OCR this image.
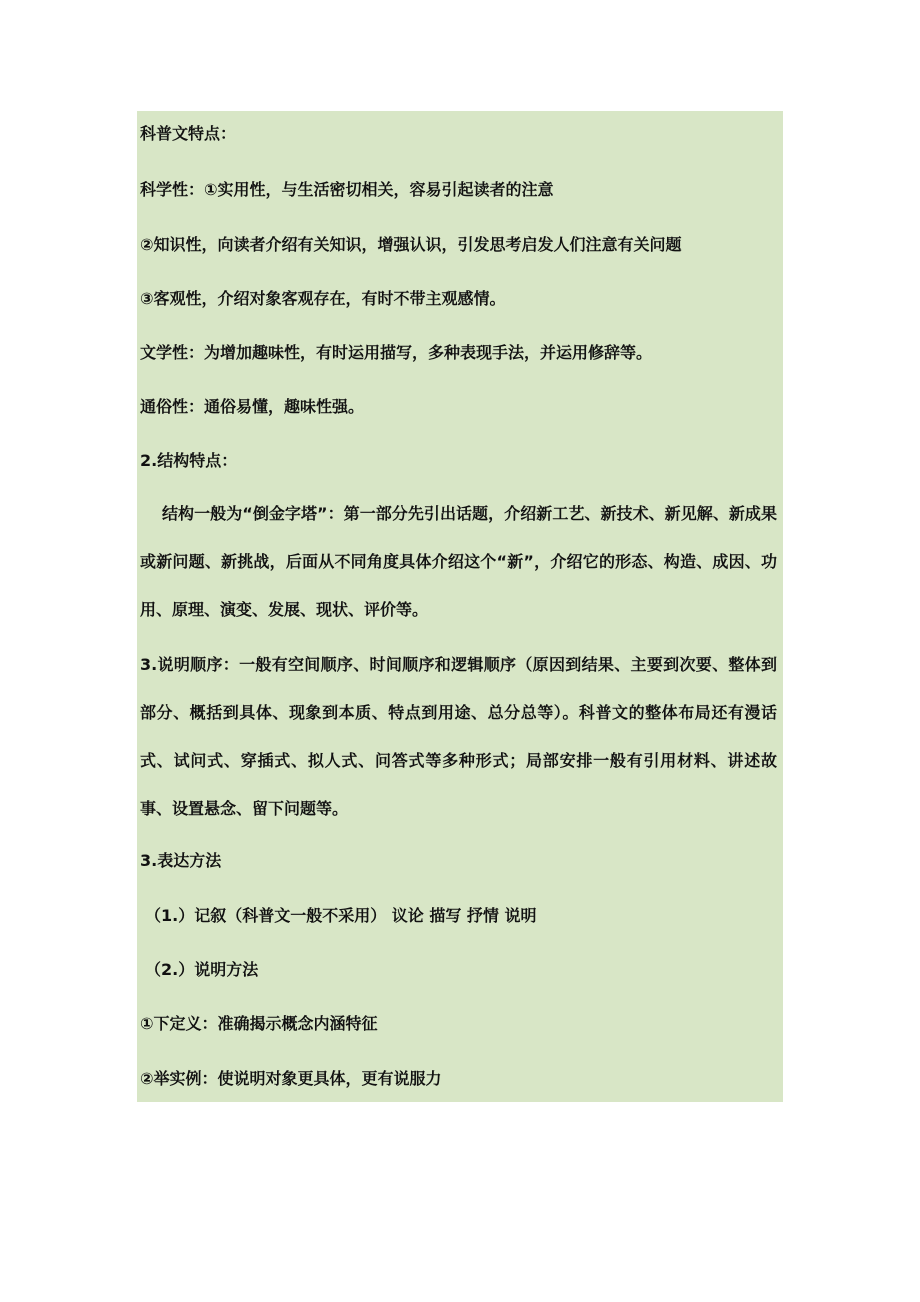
科普文特点：
科学性：①实用性，与生活密切相关，容易引起读者的注意
②知识性，向读者介绍有关知识，增强认识，引发思考启发人们注意有关问题
③客观性，介绍对象客观存在，有时不带主观感情。
文学性：为增加趣味性，有时运用描写，多种表现手法，并运用修辞等。
通俗性：通俗易懂，趣味性强。
2.结构特点：
结构一般为“倒金字塔”：第一部分先引出话题，介绍新工艺、新技术、新见解、新成果或新问题、新挑战，后面从不同角度具体介绍这个“新”，介绍它的形态、构造、成因、功用、原理、演变、发展、现状、评价等。
3.说明顺序：一般有空间顺序、时间顺序和逻辑顺序（原因到结果、主要到次要、整体到部分、概括到具体、现象到本质、特点到用途、总分总等）。科普文的整体布局还有漫话式、试问式、穿插式、拟人式、问答式等多种形式；局部安排一般有引用材料、讲述故事、设置悬念、留下问题等。
3.表达方法
（1.）记叙（科普文一般不采用） 议论 描写 抒情 说明
（2.）说明方法
①下定义：准确揭示概念内涵特征
②举实例：使说明对象更具体，更有说服力
